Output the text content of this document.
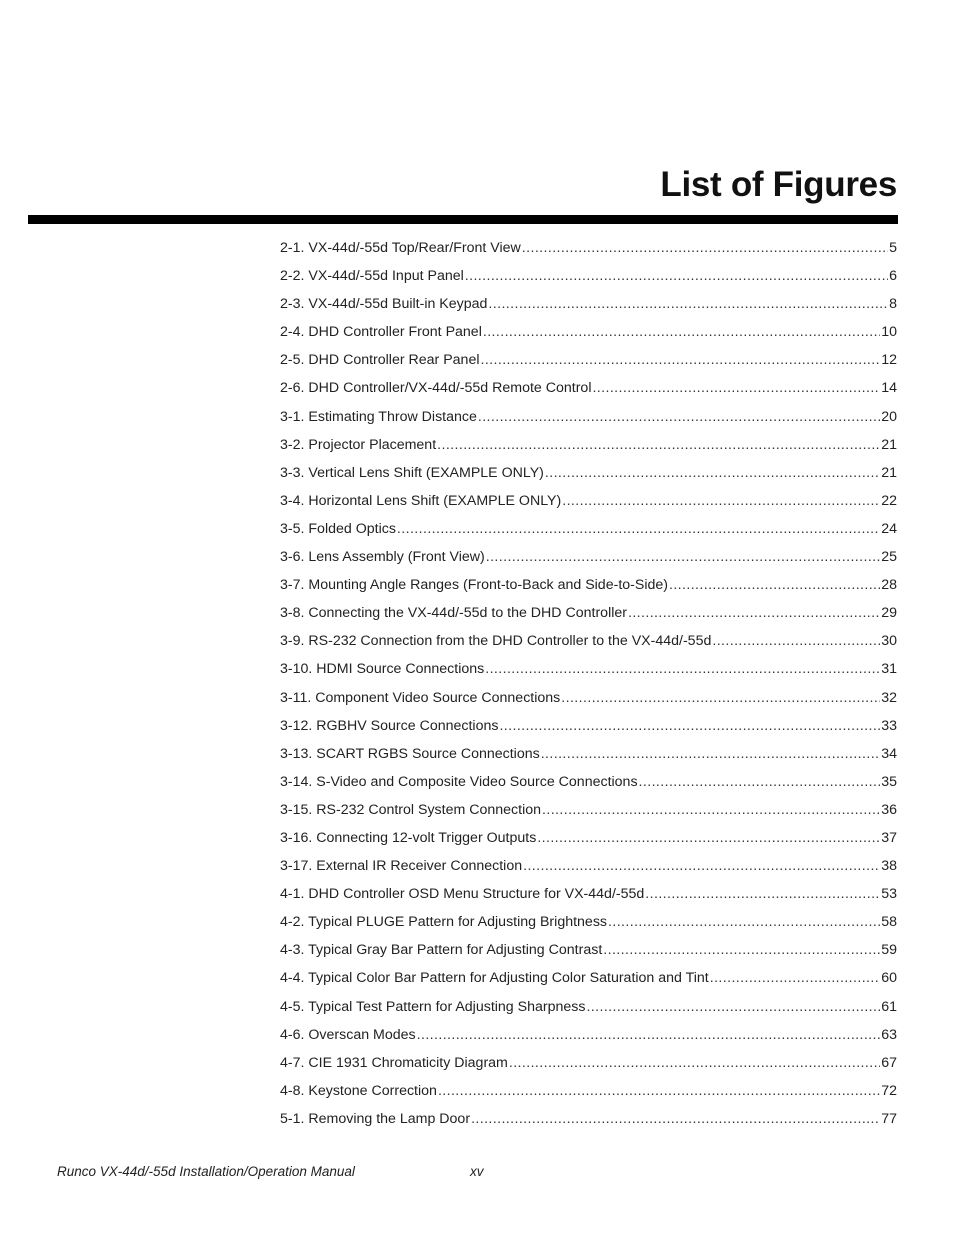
List of Figures
2-1. VX-44d/-55d Top/Rear/Front View .....	5
2-2. VX-44d/-55d Input Panel .....	6
2-3. VX-44d/-55d Built-in Keypad .....	8
2-4. DHD Controller Front Panel .....	10
2-5. DHD Controller Rear Panel .....	12
2-6. DHD Controller/VX-44d/-55d Remote Control .....	14
3-1. Estimating Throw Distance .....	20
3-2. Projector Placement .....	21
3-3. Vertical Lens Shift (EXAMPLE ONLY) .....	21
3-4. Horizontal Lens Shift (EXAMPLE ONLY) .....	22
3-5. Folded Optics .....	24
3-6. Lens Assembly (Front View) .....	25
3-7. Mounting Angle Ranges (Front-to-Back and Side-to-Side) .....	28
3-8. Connecting the VX-44d/-55d to the DHD Controller .....	29
3-9. RS-232 Connection from the DHD Controller to the VX-44d/-55d .....	30
3-10. HDMI Source Connections .....	31
3-11. Component Video Source Connections .....	32
3-12. RGBHV Source Connections .....	33
3-13. SCART RGBS Source Connections .....	34
3-14. S-Video and Composite Video Source Connections .....	35
3-15. RS-232 Control System Connection .....	36
3-16. Connecting 12-volt Trigger Outputs .....	37
3-17. External IR Receiver Connection .....	38
4-1. DHD Controller OSD Menu Structure for VX-44d/-55d .....	53
4-2. Typical PLUGE Pattern for Adjusting Brightness .....	58
4-3. Typical Gray Bar Pattern for Adjusting Contrast .....	59
4-4. Typical Color Bar Pattern for Adjusting Color Saturation and Tint .....	60
4-5. Typical Test Pattern for Adjusting Sharpness .....	61
4-6. Overscan Modes .....	63
4-7. CIE 1931 Chromaticity Diagram .....	67
4-8. Keystone Correction .....	72
5-1. Removing the Lamp Door .....	77
Runco VX-44d/-55d Installation/Operation Manual	xv
